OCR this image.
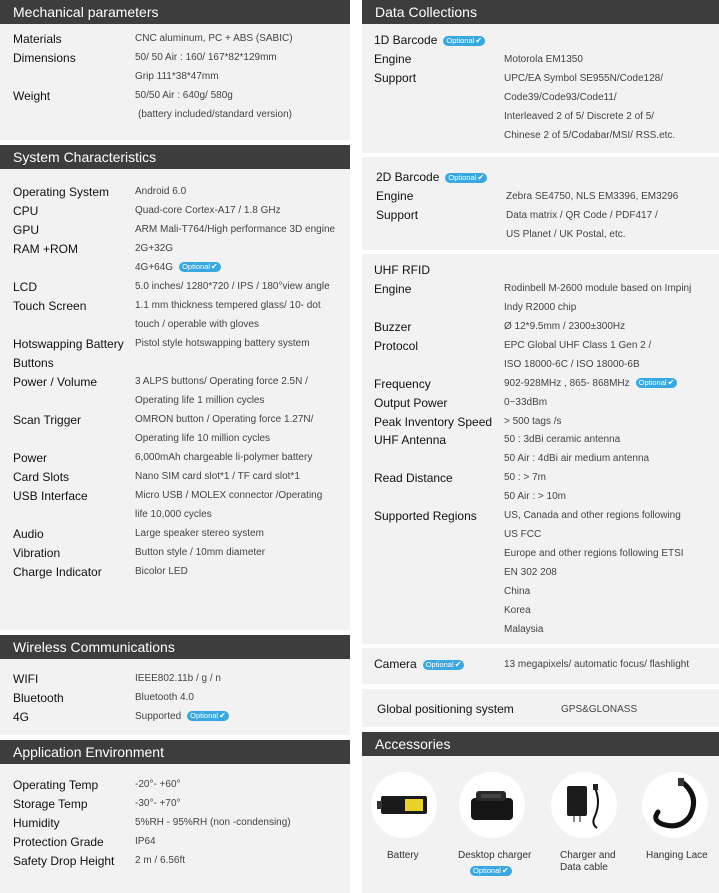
Mechanical parameters
Materials	CNC aluminum, PC + ABS (SABIC)
Dimensions	50/ 50 Air : 160/ 167*82*129mm
Grip 111*38*47mm
Weight	50/50 Air : 640g/ 580g
(battery included/standard version)
System Characteristics
Operating System	Android 6.0
CPU	Quad-core Cortex-A17 / 1.8 GHz
GPU	ARM Mali-T764/High performance 3D engine
RAM +ROM	2G+32G
4G+64G Optional✔
LCD	5.0 inches/ 1280*720 / IPS / 180°view angle
Touch Screen	1.1 mm thickness tempered glass/ 10- dot
touch / operable with gloves
Hotswapping Battery Pistol style hotswapping battery system
Buttons
Power / Volume	3 ALPS buttons/ Operating force 2.5N /
Operating life 1 million cycles
Scan Trigger	OMRON button / Operating force 1.27N/
Operating life 10 million cycles
Power	6,000mAh chargeable li-polymer battery
Card Slots	Nano SIM card slot*1 / TF card slot*1
USB Interface	Micro USB / MOLEX connector /Operating
life 10,000 cycles
Audio	Large speaker stereo system
Vibration	Button style / 10mm diameter
Charge Indicator	Bicolor LED
Wireless Communications
WIFI	IEEE802.11b / g / n
Bluetooth	Bluetooth 4.0
4G	Supported Optional✔
Application Environment
Operating Temp	-20°- +60°
Storage Temp	-30°- +70°
Humidity	5%RH - 95%RH (non -condensing)
Protection Grade	IP64
Safety Drop Height 2 m / 6.56ft
Data Collections
1D Barcode Optional✔
Engine	Motorola EM1350
Support	UPC/EA Symbol SE955N/Code128/
Code39/Code93/Code11/
Interleaved 2 of 5/ Discrete 2 of 5/
Chinese 2 of 5/Codabar/MSI/ RSS.etc.
2D Barcode Optional✔
Engine	Zebra SE4750, NLS EM3396, EM3296
Support	Data matrix / QR Code / PDF417 /
US Planet / UK Postal, etc.
UHF RFID
Engine	Rodinbell M-2600 module based on Impinj
Indy R2000 chip
Buzzer	Ø 12*9.5mm / 2300±300Hz
Protocol	EPC Global UHF Class 1 Gen 2 /
ISO 18000-6C / ISO 18000-6B
Frequency	902-928MHz , 865- 868MHz Optional✔
Output Power	0~33dBm
Peak Inventory Speed > 500 tags /s
UHF Antenna	50 : 3dBi ceramic antenna
50 Air : 4dBi air medium antenna
Read Distance	50 : > 7m
50 Air : > 10m
Supported Regions	US, Canada and other regions following
US FCC
Europe and other regions following ETSI
EN 302 208
China
Korea
Malaysia
Camera Optional✔	13 megapixels/ automatic focus/ flashlight
Global positioning system	GPS&GLONASS
Accessories
Battery	Desktop charger
Optional✔
Charger and
Data cable
Hanging Lace
